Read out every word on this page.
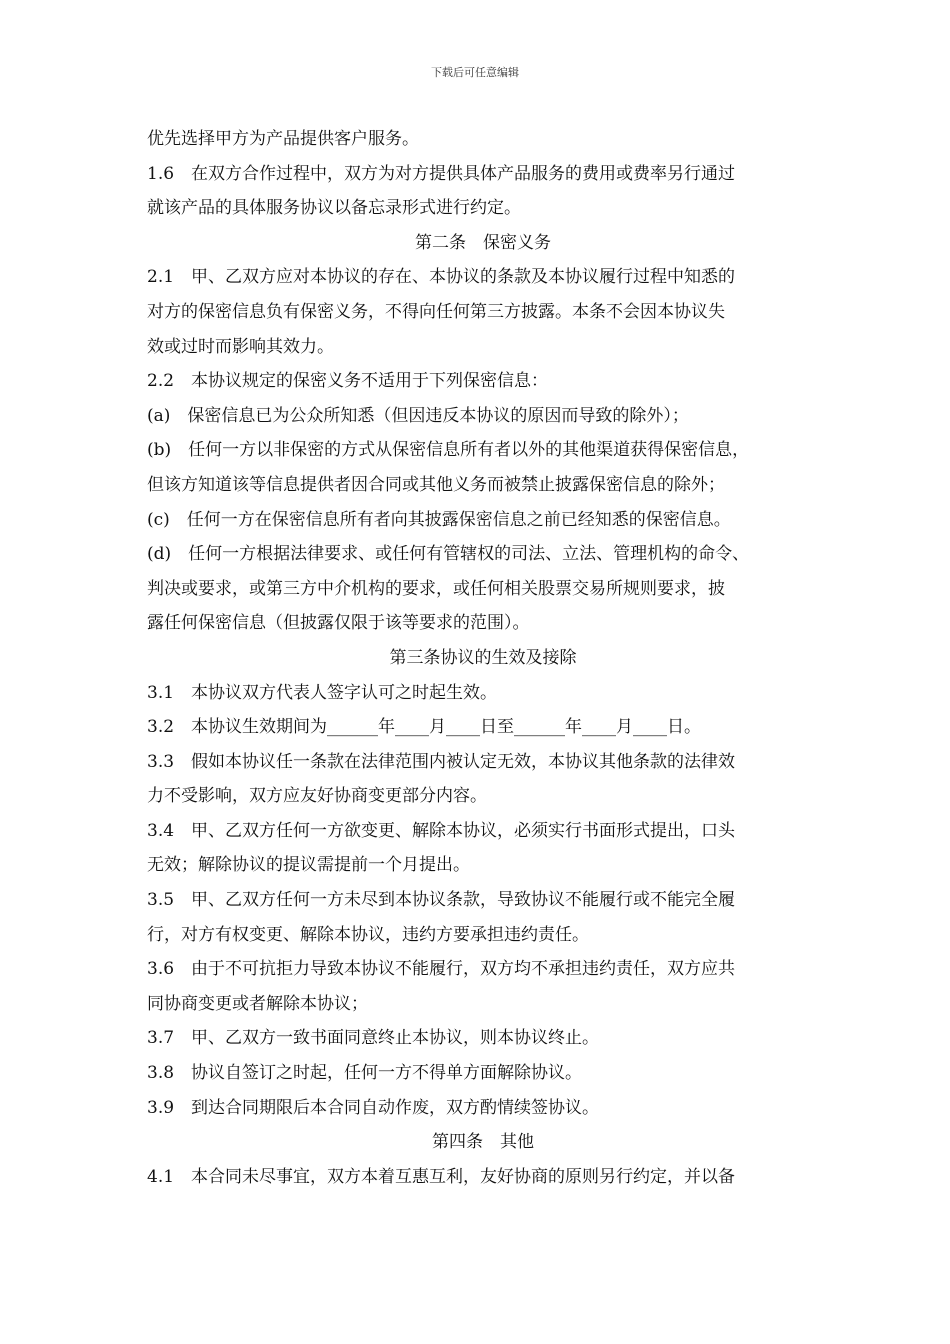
下载后可任意编辑
优先选择甲方为产品提供客户服务。
1.6　在双方合作过程中，双方为对方提供具体产品服务的费用或费率另行通过
就该产品的具体服务协议以备忘录形式进行约定。
第二条　保密义务
2.1　甲、乙双方应对本协议的存在、本协议的条款及本协议履行过程中知悉的
对方的保密信息负有保密义务，不得向任何第三方披露。本条不会因本协议失
效或过时而影响其效力。
2.2　本协议规定的保密义务不适用于下列保密信息：
(a)　保密信息已为公众所知悉（但因违反本协议的原因而导致的除外）；
(b)　任何一方以非保密的方式从保密信息所有者以外的其他渠道获得保密信息，
但该方知道该等信息提供者因合同或其他义务而被禁止披露保密信息的除外；
(c)　任何一方在保密信息所有者向其披露保密信息之前已经知悉的保密信息。
(d)　任何一方根据法律要求、或任何有管辖权的司法、立法、管理机构的命令、
判决或要求，或第三方中介机构的要求，或任何相关股票交易所规则要求，披
露任何保密信息（但披露仅限于该等要求的范围）。
第三条协议的生效及接除
3.1　本协议双方代表人签字认可之时起生效。
3.2　本协议生效期间为______年____月____日至______年____月____日。
3.3　假如本协议任一条款在法律范围内被认定无效，本协议其他条款的法律效
力不受影响，双方应友好协商变更部分内容。
3.4　甲、乙双方任何一方欲变更、解除本协议，必须实行书面形式提出，口头
无效；解除协议的提议需提前一个月提出。
3.5　甲、乙双方任何一方未尽到本协议条款，导致协议不能履行或不能完全履
行，对方有权变更、解除本协议，违约方要承担违约责任。
3.6　由于不可抗拒力导致本协议不能履行，双方均不承担违约责任，双方应共
同协商变更或者解除本协议；
3.7　甲、乙双方一致书面同意终止本协议，则本协议终止。
3.8　协议自签订之时起，任何一方不得单方面解除协议。
3.9　到达合同期限后本合同自动作废，双方酌情续签协议。
第四条　其他
4.1　本合同未尽事宜，双方本着互惠互利，友好协商的原则另行约定，并以备
